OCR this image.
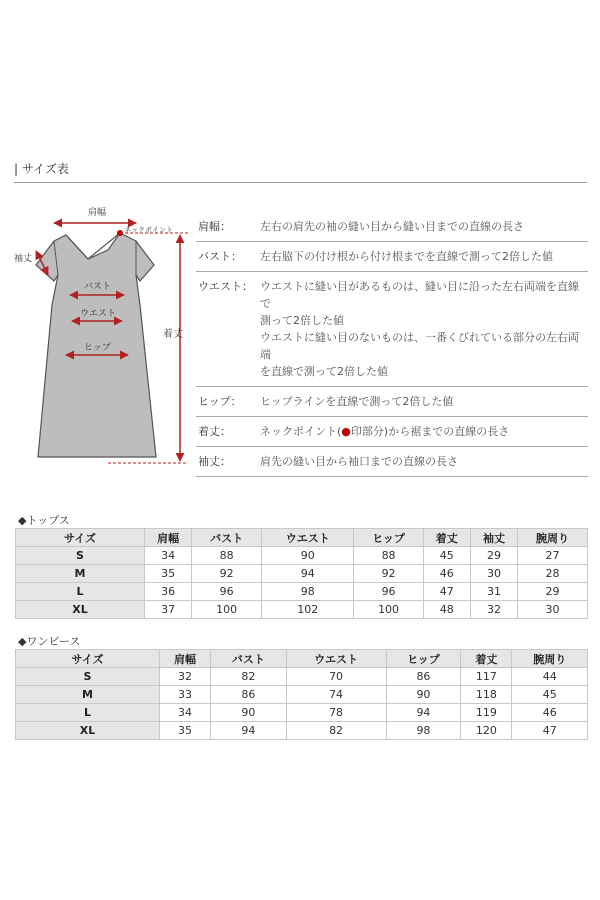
| サイズ表
肩幅
ネックポイント
袖丈
バスト
ウエスト
ヒップ
着丈
肩幅：	左右の肩先の袖の縫い目から縫い目までの直線の長さ

バスト：	左右脇下の付け根から付け根までを直線で測って2倍した値

ウエスト：	ウエストに縫い目があるものは、縫い目に沿った左右両端を直線で
測って2倍した値
ウエストに縫い目のないものは、一番くびれている部分の左右両端
を直線で測って2倍した値

ヒップ：	ヒップラインを直線で測って2倍した値

着丈：	ネックポイント(●印部分)から裾までの直線の長さ
袖丈：	肩先の縫い目から袖口までの直線の長さ
◆トップス
サイズ	肩幅	バスト	ウエスト	ヒップ	着丈	袖丈	腕周り
S	34	88	90	88	45	29	27
M	35	92	94	92	46	30	28
L	36	96	98	96	47	31	29
XL	37	100	102	100	48	32	30
◆ワンピース
サイズ	肩幅	バスト	ウエスト	ヒップ	着丈	腕周り
S	32	82	70	86	117	44
M	33	86	74	90	118	45
L	34	90	78	94	119	46
XL	35	94	82	98	120	47
